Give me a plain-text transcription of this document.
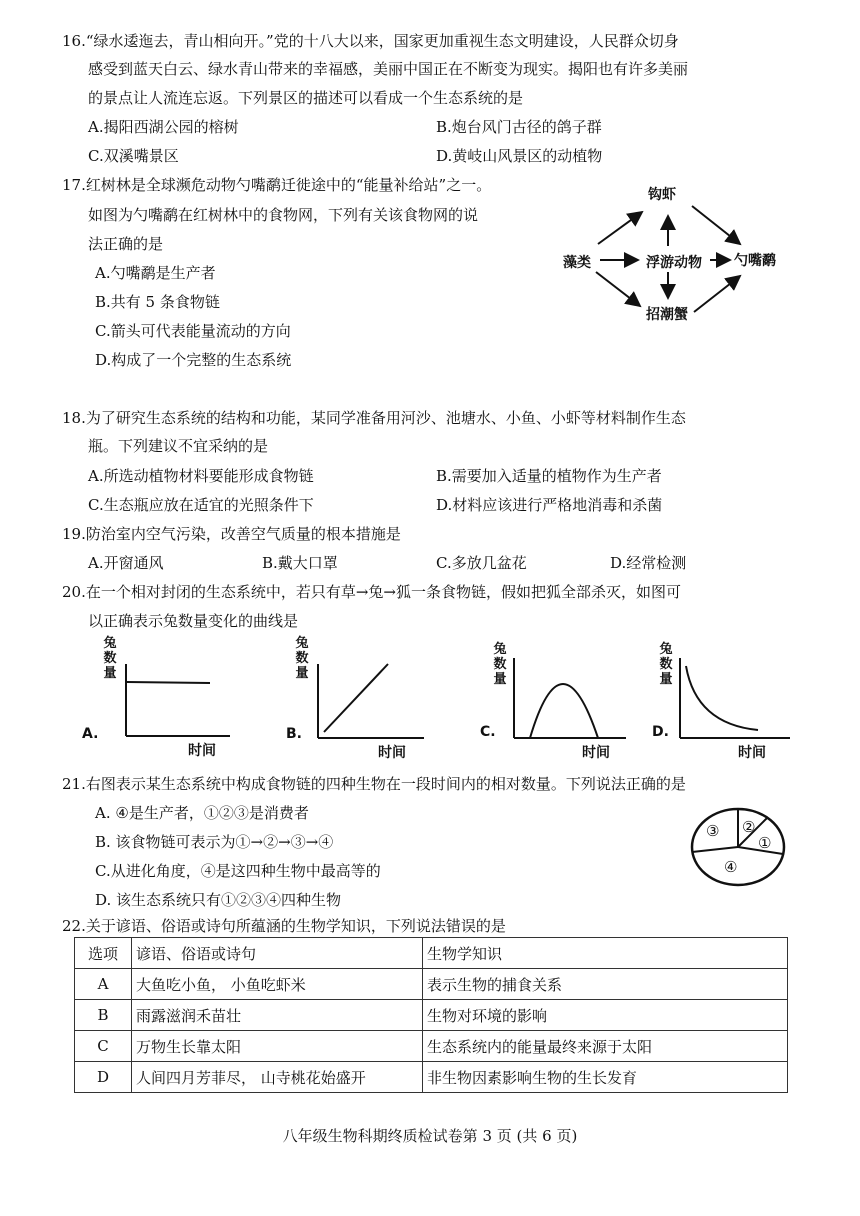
16.“绿水逶迤去，青山相向开。”党的十八大以来，国家更加重视生态文明建设，人民群众切身
感受到蓝天白云、绿水青山带来的幸福感，美丽中国正在不断变为现实。揭阳也有许多美丽
的景点让人流连忘返。下列景区的描述可以看成一个生态系统的是
A.揭阳西湖公园的榕树	B.炮台风门古径的鸽子群
C.双溪嘴景区	D.黄岐山风景区的动植物
17.红树林是全球濒危动物勺嘴鹬迁徙途中的“能量补给站”之一。
如图为勺嘴鹬在红树林中的食物网，下列有关该食物网的说
法正确的是
A.勺嘴鹬是生产者
B.共有 5 条食物链
C.箭头可代表能量流动的方向
D.构成了一个完整的生态系统
钩虾
藻类	浮游动物 勺嘴鹬
招潮蟹
18.为了研究生态系统的结构和功能，某同学准备用河沙、池塘水、小鱼、小虾等材料制作生态
瓶。下列建议不宜采纳的是
A.所选动植物材料要能形成食物链	B.需要加入适量的植物作为生产者
C.生态瓶应放在适宜的光照条件下	D.材料应该进行严格地消毒和杀菌
19.防治室内空气污染，改善空气质量的根本措施是
A.开窗通风	B.戴大口罩	C.多放几盆花	D.经常检测
20.在一个相对封闭的生态系统中，若只有草→兔→狐一条食物链，假如把狐全部杀灭，如图可
以正确表示兔数量变化的曲线是
兔数量
A.
时间
兔数量
B.
时间
兔数量
C.
时间
兔数量
D.
时间
21.右图表示某生态系统中构成食物链的四种生物在一段时间内的相对数量。下列说法正确的是
A. ④是生产者，①②③是消费者
B. 该食物链可表示为①→②→③→④
C.从进化角度，④是这四种生物中最高等的
D. 该生态系统只有①②③④四种生物
③ ②
①
④
22.关于谚语、俗语或诗句所蕴涵的生物学知识，下列说法错误的是
选项	谚语、俗语或诗句	生物学知识
A	大鱼吃小鱼， 小鱼吃虾米	表示生物的捕食关系
B	雨露滋润禾苗壮	生物对环境的影响
C	万物生长靠太阳	生态系统内的能量最终来源于太阳
D	人间四月芳菲尽， 山寺桃花始盛开	非生物因素影响生物的生长发育
八年级生物科期终质检试卷第 3 页 (共 6 页)
